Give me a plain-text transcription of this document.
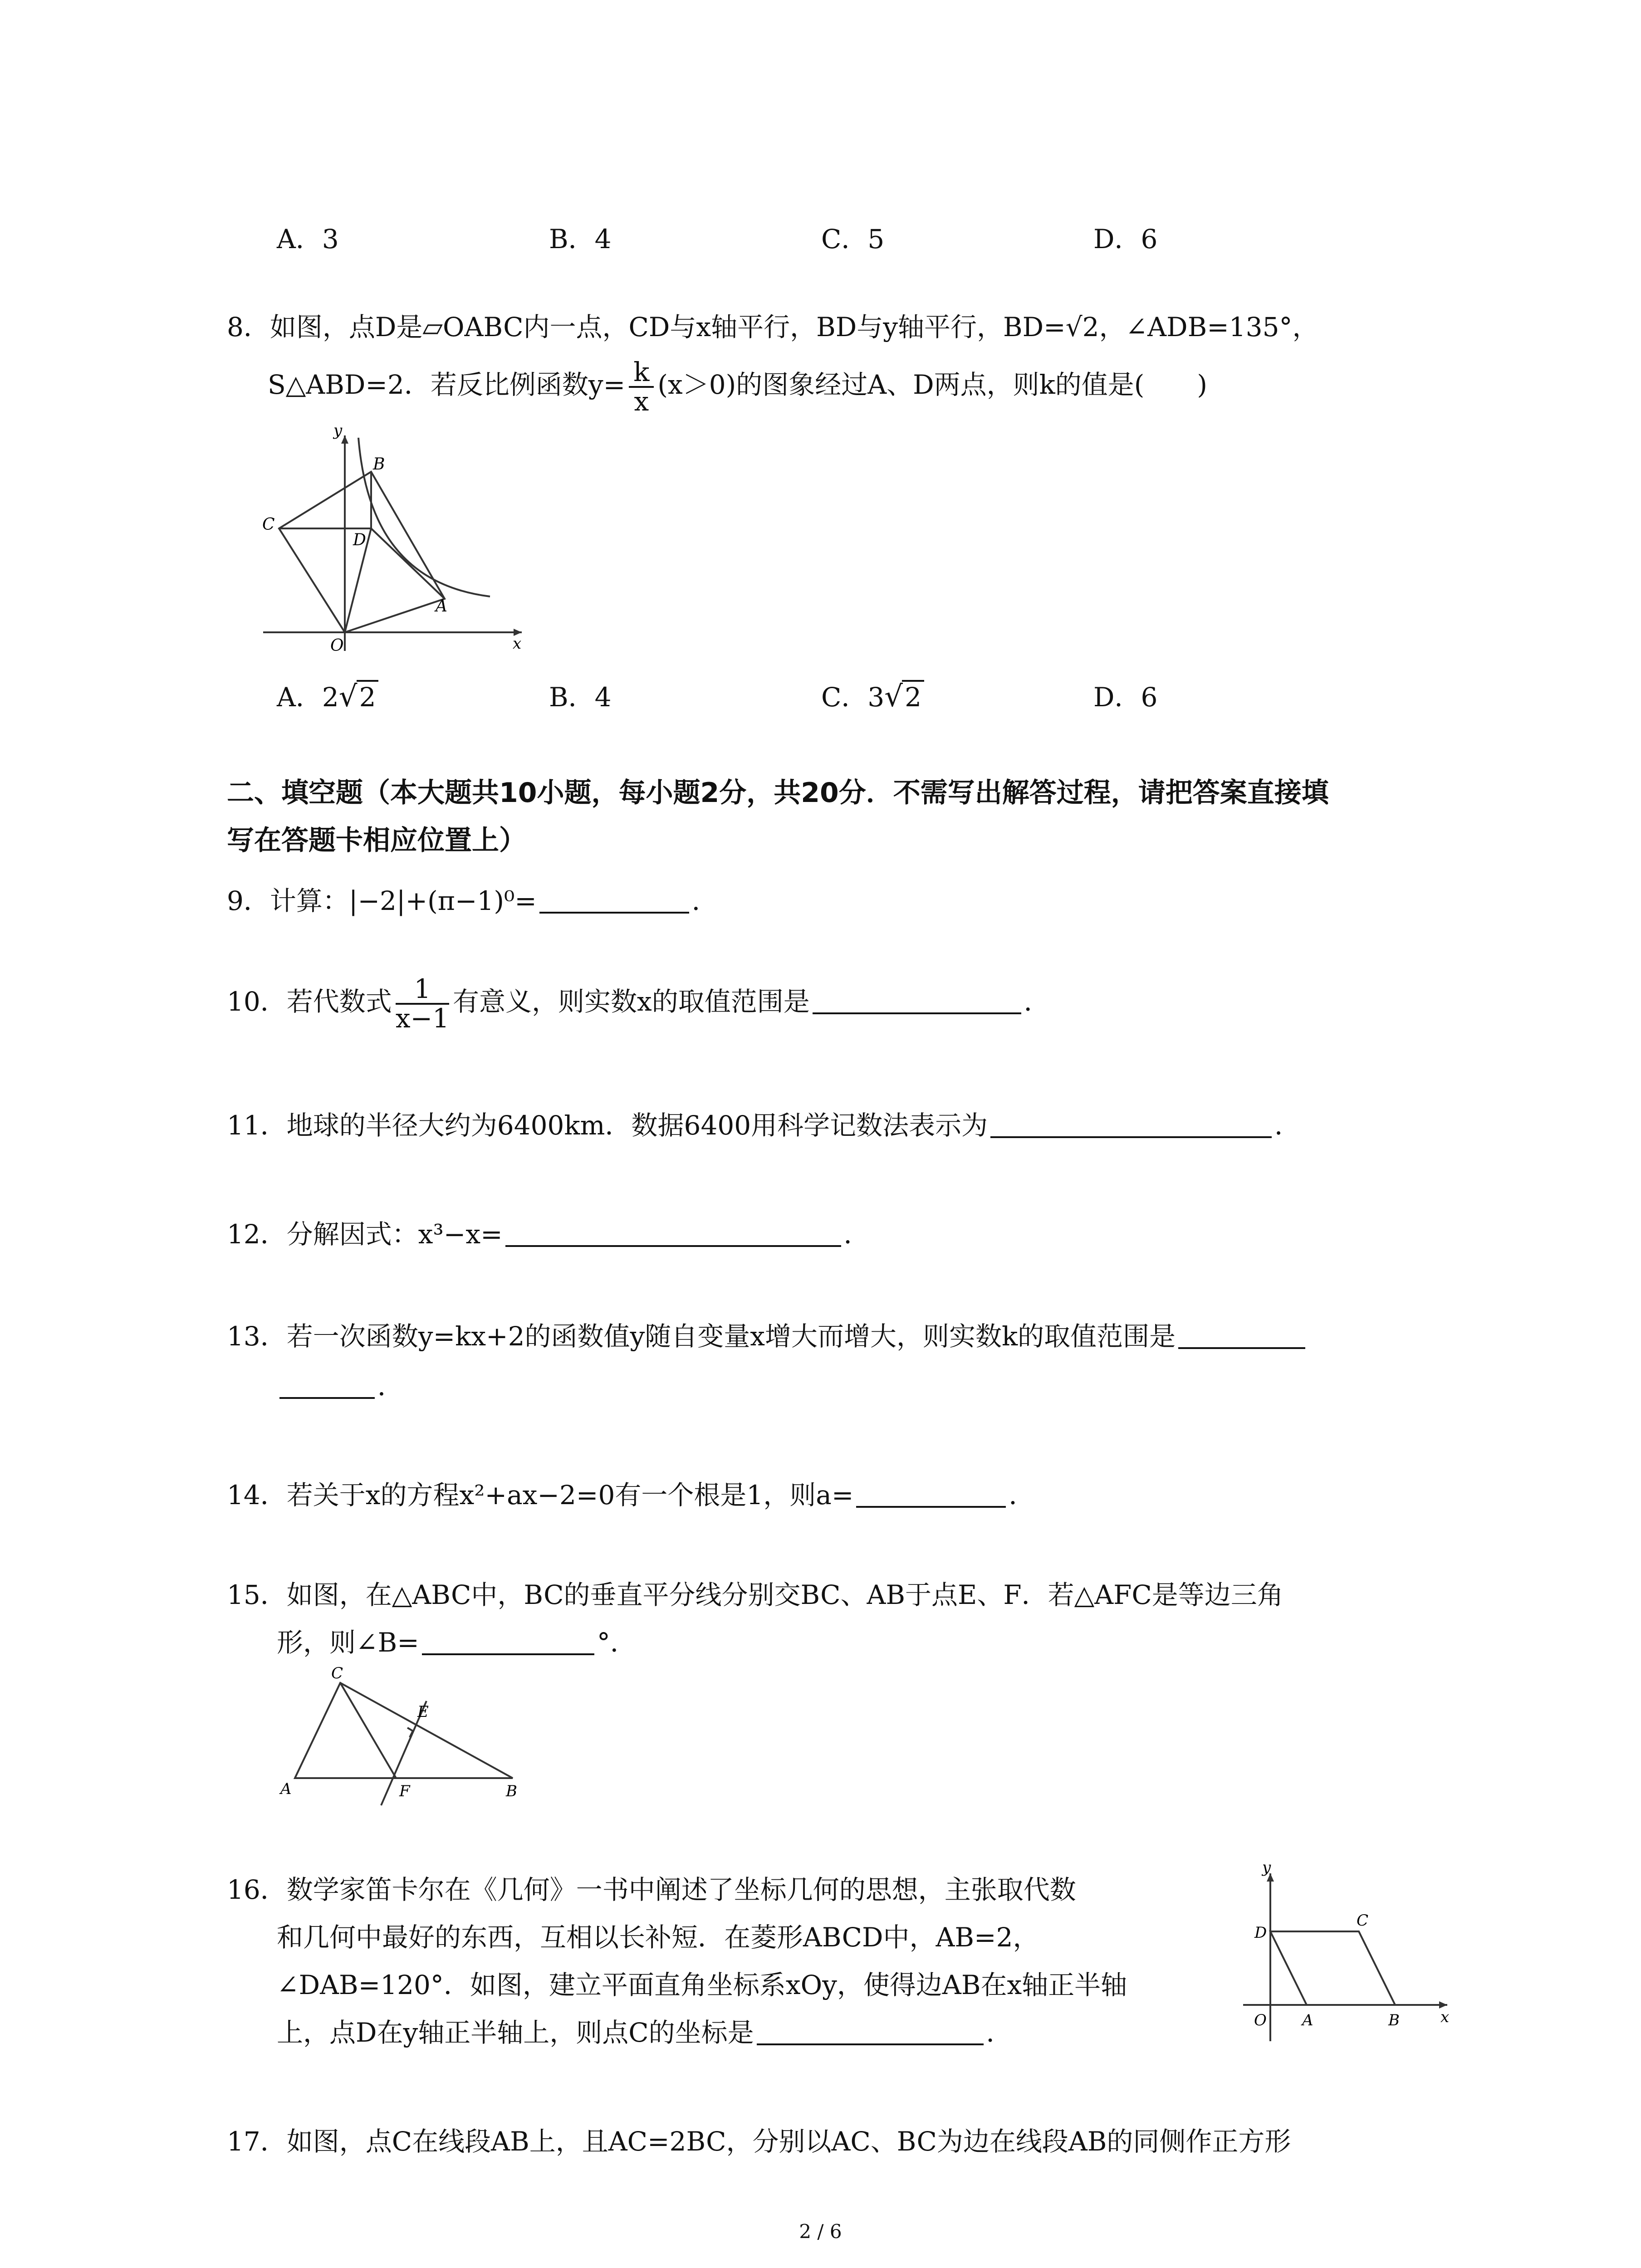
A．3	B．4	C．5	D．6
8．如图，点D是▱OABC内一点，CD与x轴平行，BD与y轴平行，BD=√2，∠ADB=135°，
S△ABD=2．若反比例函数$y= \frac{k}{x} (x>0)$的图象经过A、D两点，则k的值是(　　)
y
x
O
A
B
C
D
A．2√2	B．4	C．3√2	D．6
二、填空题（本大题共10小题，每小题2分，共20分．不需写出解答过程，请把答案直接填
写在答题卡相应位置上）
9．计算：|−2|+(π−1)⁰=	．
10．若代数式 $\frac{1}{x-1}$ 有意义，则实数x的取值范围是	．
11．地球的半径大约为6400km．数据6400用科学记数法表示为	．
12．分解因式：x³−x=	．
13．若一次函数y=kx+2的函数值y随自变量x增大而增大，则实数k的取值范围是
．
14．若关于x的方程x²+ax−2=0有一个根是1，则a=	．
15．如图，在△ABC中，BC的垂直平分线分别交BC、AB于点E、F．若△AFC是等边三角
形，则∠B=	°．
C
E
A	F	B
16．数学家笛卡尔在《几何》一书中阐述了坐标几何的思想，主张取代数
和几何中最好的东西，互相以长补短．在菱形ABCD中，AB=2，
∠DAB=120°．如图，建立平面直角坐标系xOy，使得边AB在x轴正半轴
上，点D在y轴正半轴上，则点C的坐标是	．
y
x
O A	B
C
D
17．如图，点C在线段AB上，且AC=2BC，分别以AC、BC为边在线段AB的同侧作正方形
2 / 6
